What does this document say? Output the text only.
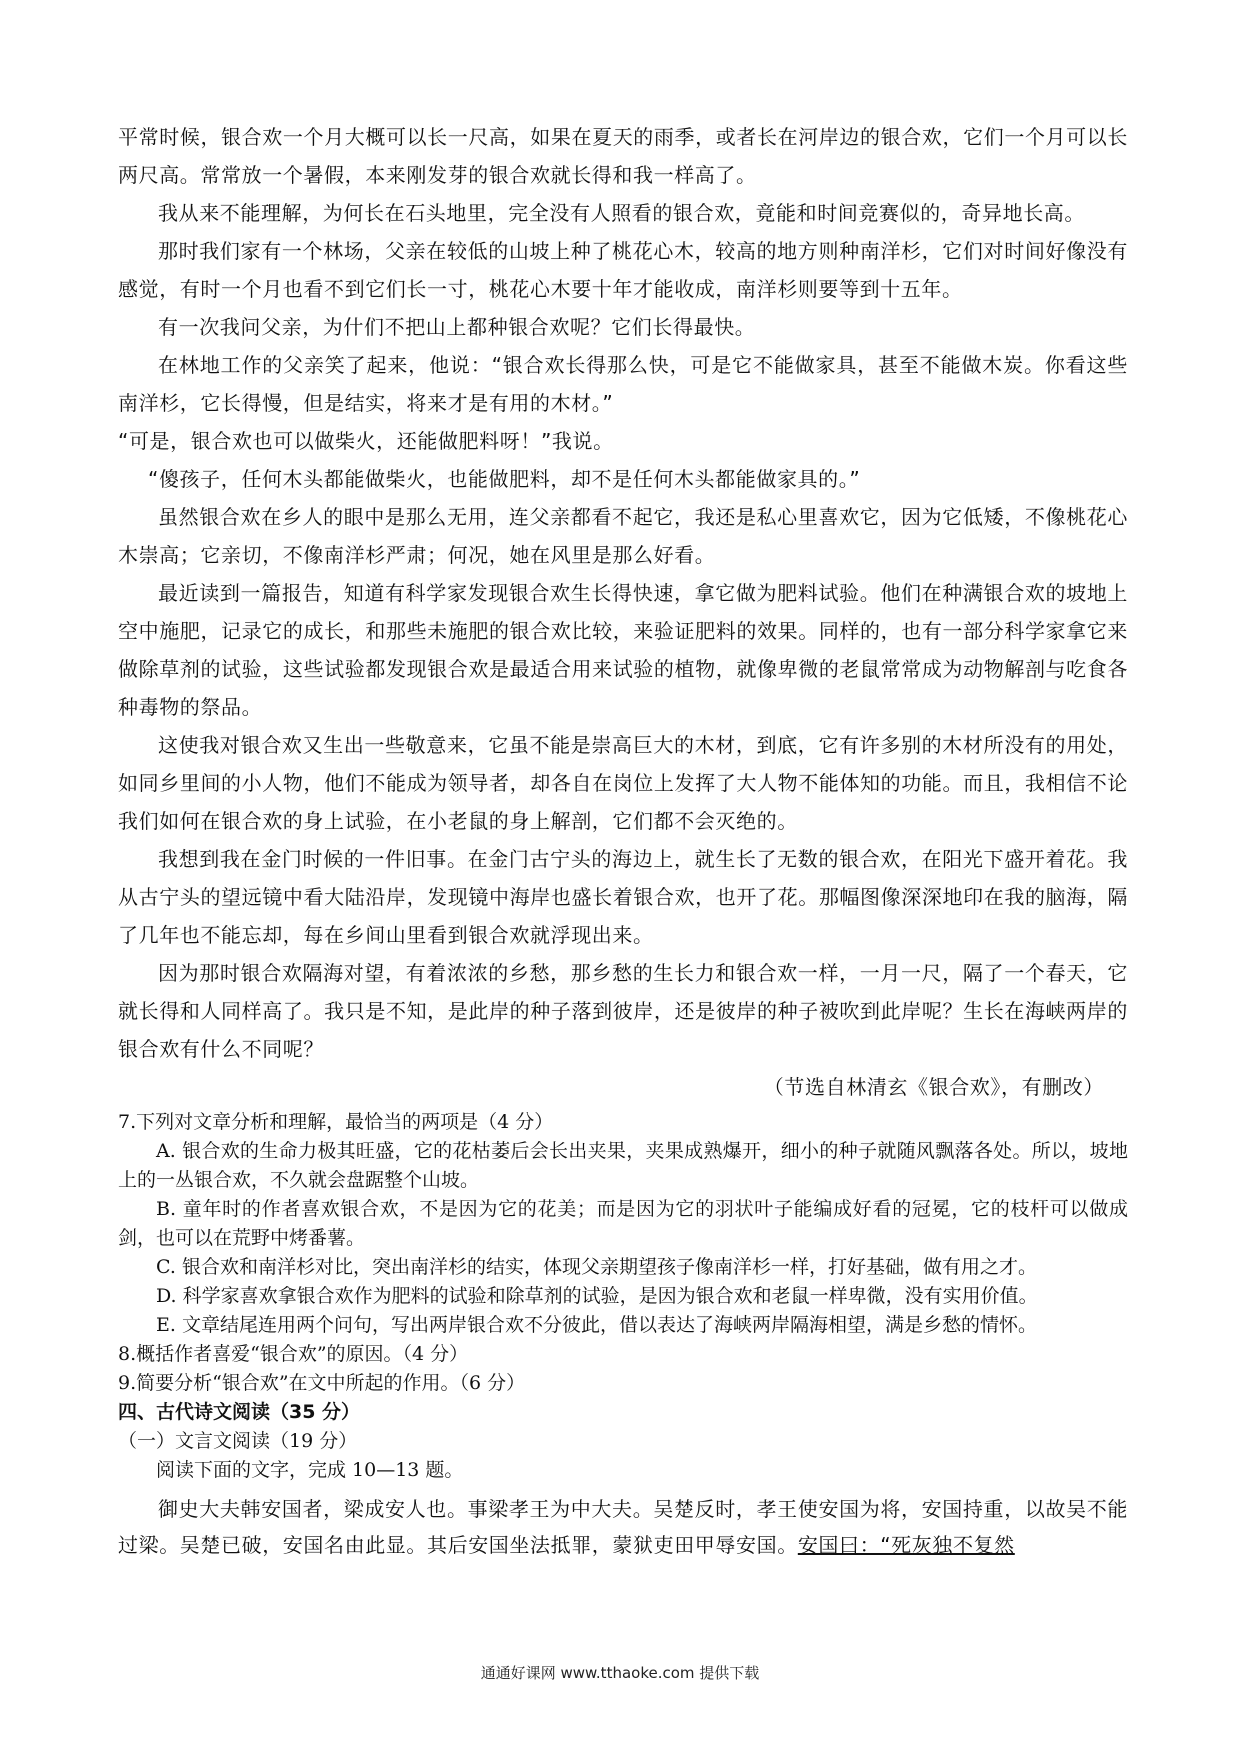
平常时候，银合欢一个月大概可以长一尺高，如果在夏天的雨季，或者长在河岸边的银合欢，它们一个月可以长两尺高。常常放一个暑假，本来刚发芽的银合欢就长得和我一样高了。

我从来不能理解，为何长在石头地里，完全没有人照看的银合欢，竟能和时间竞赛似的，奇异地长高。

那时我们家有一个林场，父亲在较低的山坡上种了桃花心木，较高的地方则种南洋杉，它们对时间好像没有感觉，有时一个月也看不到它们长一寸，桃花心木要十年才能收成，南洋杉则要等到十五年。

有一次我问父亲，为什们不把山上都种银合欢呢？它们长得最快。

在林地工作的父亲笑了起来，他说：“银合欢长得那么快，可是它不能做家具，甚至不能做木炭。你看这些南洋杉，它长得慢，但是结实，将来才是有用的木材。”

“可是，银合欢也可以做柴火，还能做肥料呀！”我说。

“傻孩子，任何木头都能做柴火，也能做肥料，却不是任何木头都能做家具的。”

虽然银合欢在乡人的眼中是那么无用，连父亲都看不起它，我还是私心里喜欢它，因为它低矮，不像桃花心木崇高；它亲切，不像南洋杉严肃；何况，她在风里是那么好看。

最近读到一篇报告，知道有科学家发现银合欢生长得快速，拿它做为肥料试验。他们在种满银合欢的坡地上空中施肥，记录它的成长，和那些未施肥的银合欢比较，来验证肥料的效果。同样的，也有一部分科学家拿它来做除草剂的试验，这些试验都发现银合欢是最适合用来试验的植物，就像卑微的老鼠常常成为动物解剖与吃食各种毒物的祭品。

这使我对银合欢又生出一些敬意来，它虽不能是崇高巨大的木材，到底，它有许多别的木材所没有的用处，如同乡里间的小人物，他们不能成为领导者，却各自在岗位上发挥了大人物不能体知的功能。而且，我相信不论我们如何在银合欢的身上试验，在小老鼠的身上解剖，它们都不会灭绝的。

我想到我在金门时候的一件旧事。在金门古宁头的海边上，就生长了无数的银合欢，在阳光下盛开着花。我从古宁头的望远镜中看大陆沿岸，发现镜中海岸也盛长着银合欢，也开了花。那幅图像深深地印在我的脑海，隔了几年也不能忘却，每在乡间山里看到银合欢就浮现出来。

因为那时银合欢隔海对望，有着浓浓的乡愁，那乡愁的生长力和银合欢一样，一月一尺，隔了一个春天，它就长得和人同样高了。我只是不知，是此岸的种子落到彼岸，还是彼岸的种子被吹到此岸呢？生长在海峡两岸的银合欢有什么不同呢？

（节选自林清玄《银合欢》，有删改）

7.下列对文章分析和理解，最恰当的两项是（4 分）

A. 银合欢的生命力极其旺盛，它的花枯萎后会长出夹果，夹果成熟爆开，细小的种子就随风飘落各处。所以，坡地上的一丛银合欢，不久就会盘踞整个山坡。

B. 童年时的作者喜欢银合欢，不是因为它的花美；而是因为它的羽状叶子能编成好看的冠冕，它的枝杆可以做成剑，也可以在荒野中烤番薯。

C. 银合欢和南洋杉对比，突出南洋杉的结实，体现父亲期望孩子像南洋杉一样，打好基础，做有用之才。

D. 科学家喜欢拿银合欢作为肥料的试验和除草剂的试验，是因为银合欢和老鼠一样卑微，没有实用价值。

E. 文章结尾连用两个问句，写出两岸银合欢不分彼此，借以表达了海峡两岸隔海相望，满是乡愁的情怀。

8.概括作者喜爱“银合欢”的原因。（4 分）

9.简要分析“银合欢”在文中所起的作用。（6 分）

四、古代诗文阅读（35 分）

（一）文言文阅读（19 分）

阅读下面的文字，完成 10—13 题。

御史大夫韩安国者，梁成安人也。事梁孝王为中大夫。吴楚反时，孝王使安国为将，安国持重，以故吴不能过梁。吴楚已破，安国名由此显。其后安国坐法抵罪，蒙狱吏田甲辱安国。安国曰：“死灰独不复然

通通好课网 www.tthaoke.com 提供下载
